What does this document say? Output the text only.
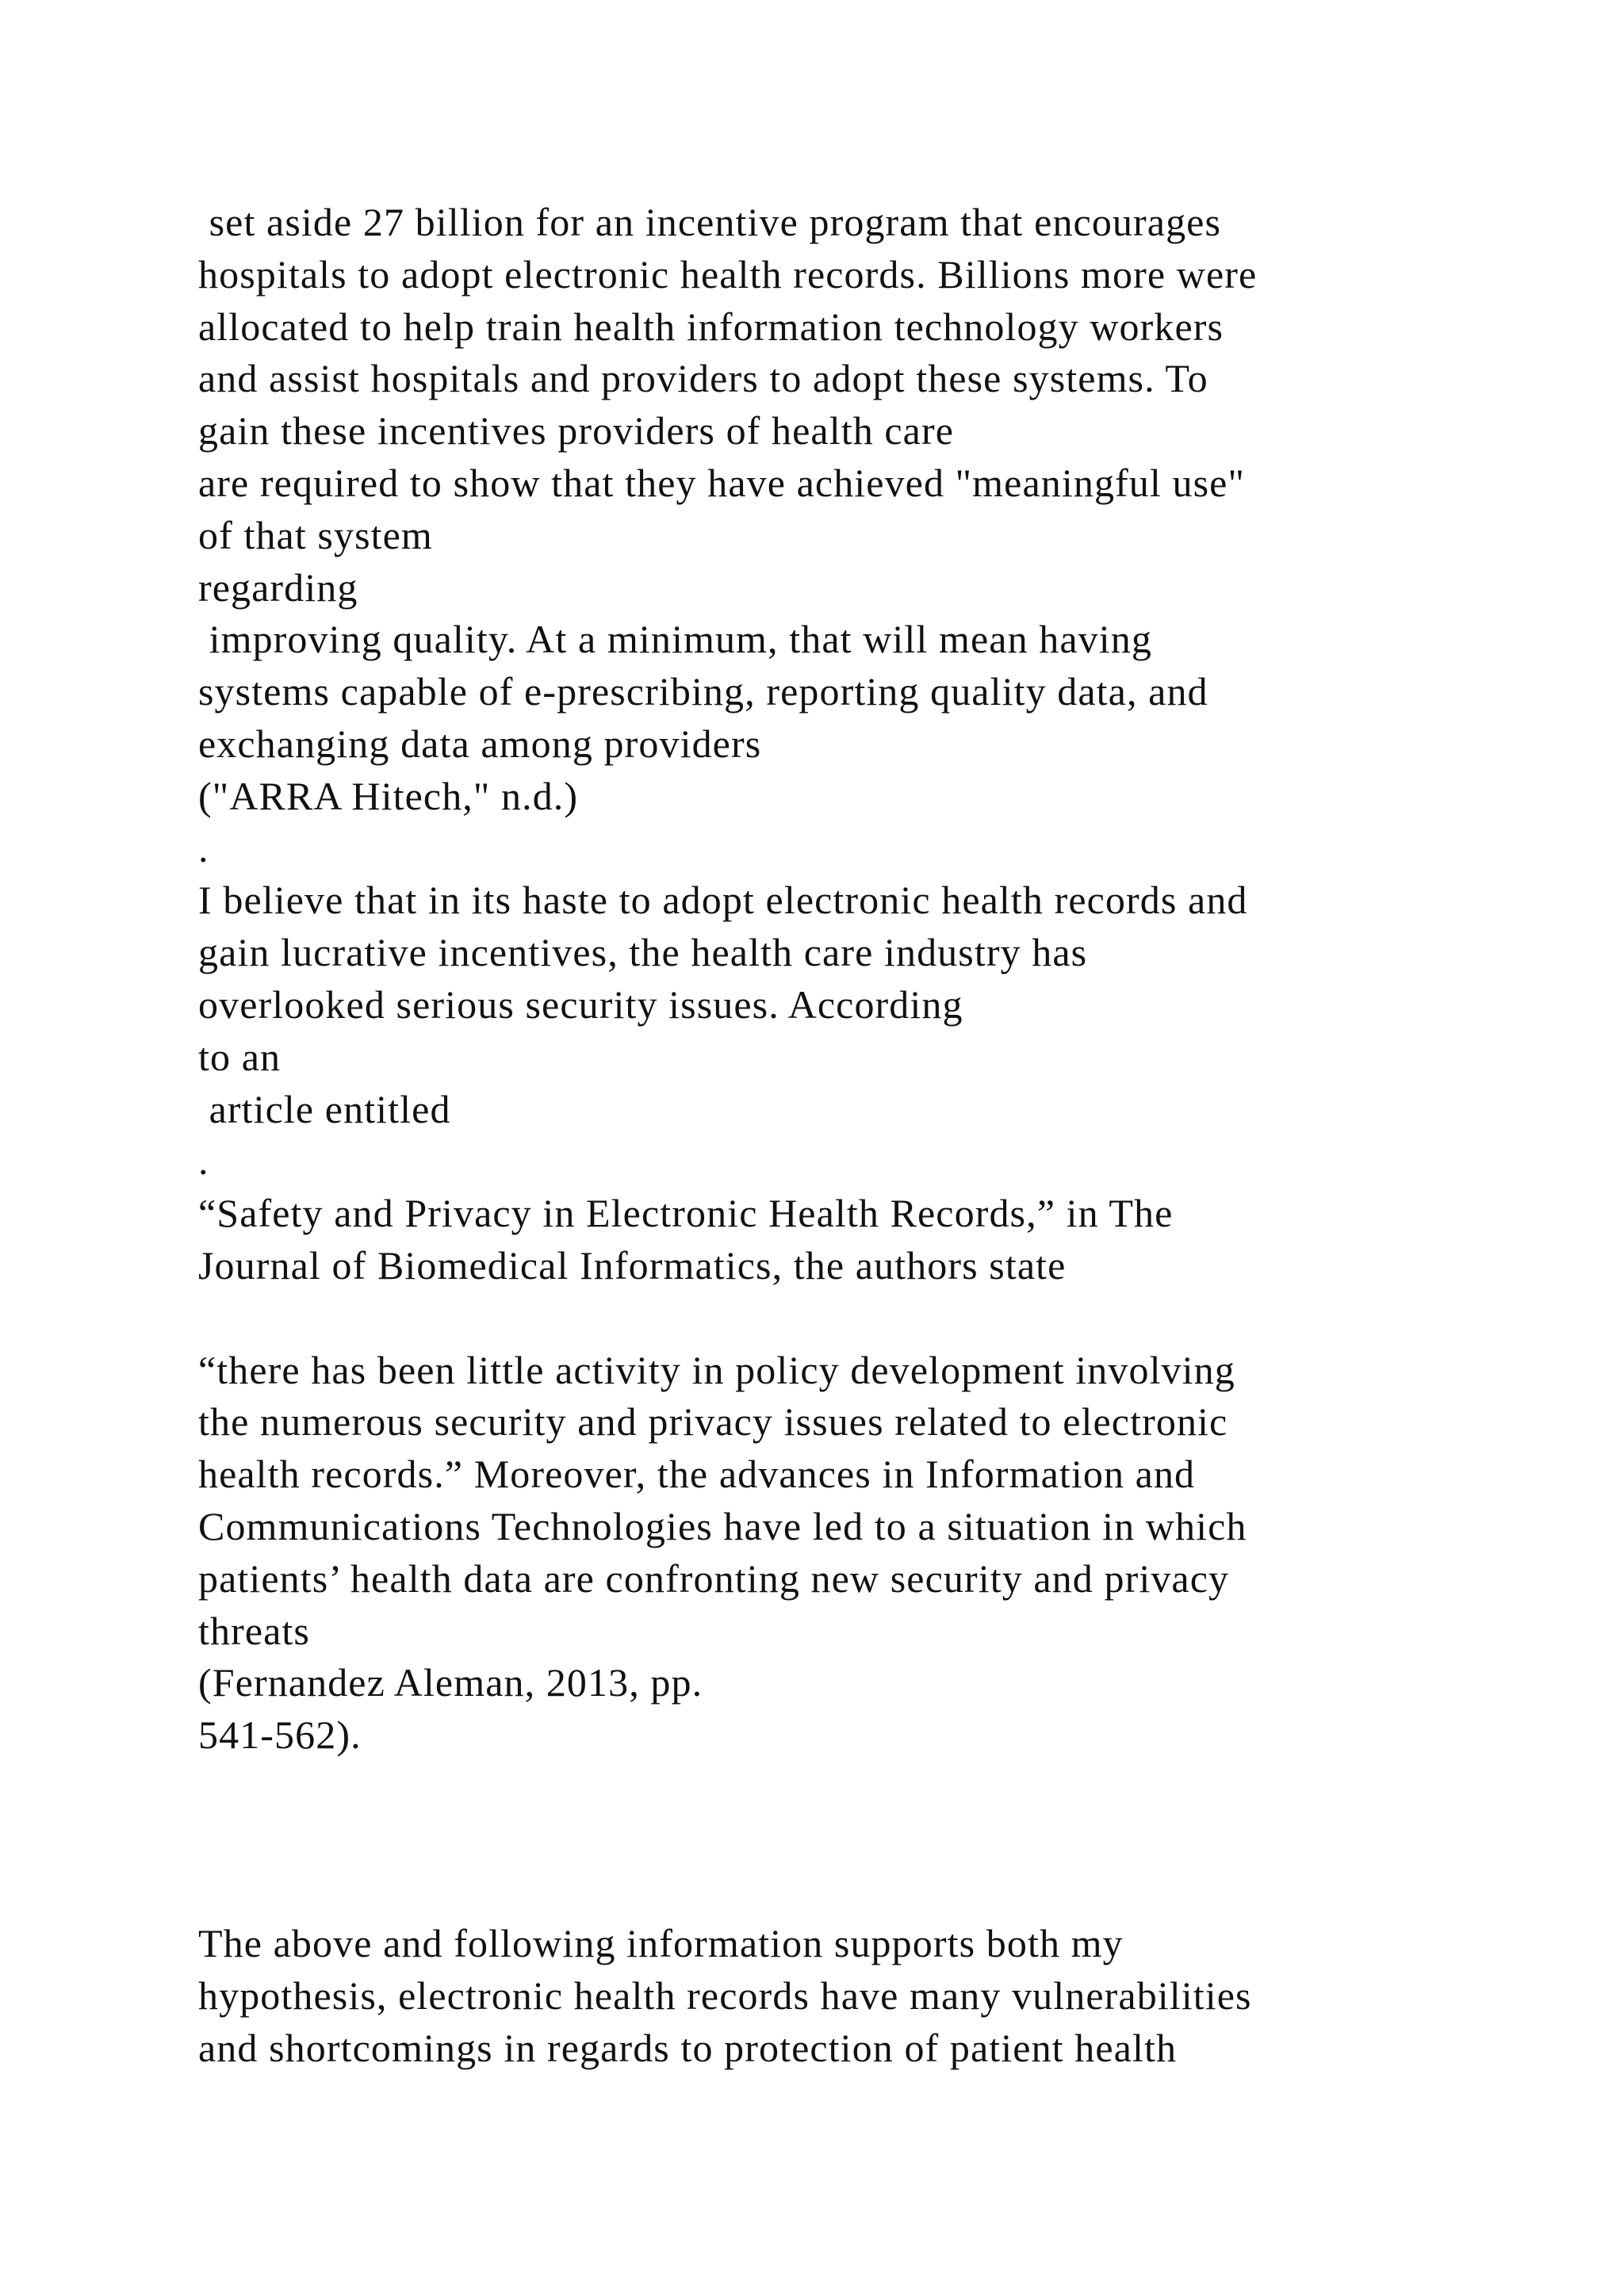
set aside 27 billion for an incentive program that encourages
hospitals to adopt electronic health records. Billions more were
allocated to help train health information technology workers
and assist hospitals and providers to adopt these systems. To
gain these incentives providers of health care
are required to show that they have achieved "meaningful use"
of that system
regarding
improving quality. At a minimum, that will mean having
systems capable of e-prescribing, reporting quality data, and
exchanging data among providers
("ARRA Hitech," n.d.)
.
I believe that in its haste to adopt electronic health records and
gain lucrative incentives, the health care industry has
overlooked serious security issues. According
to an
article entitled
.
“Safety and Privacy in Electronic Health Records,” in The
Journal of Biomedical Informatics, the authors state
“there has been little activity in policy development involving
the numerous security and privacy issues related to electronic
health records.” Moreover, the advances in Information and
Communications Technologies have led to a situation in which
patients’ health data are confronting new security and privacy
threats
(Fernandez Aleman, 2013, pp.
541-562).
The above and following information supports both my
hypothesis, electronic health records have many vulnerabilities
and shortcomings in regards to protection of patient health
